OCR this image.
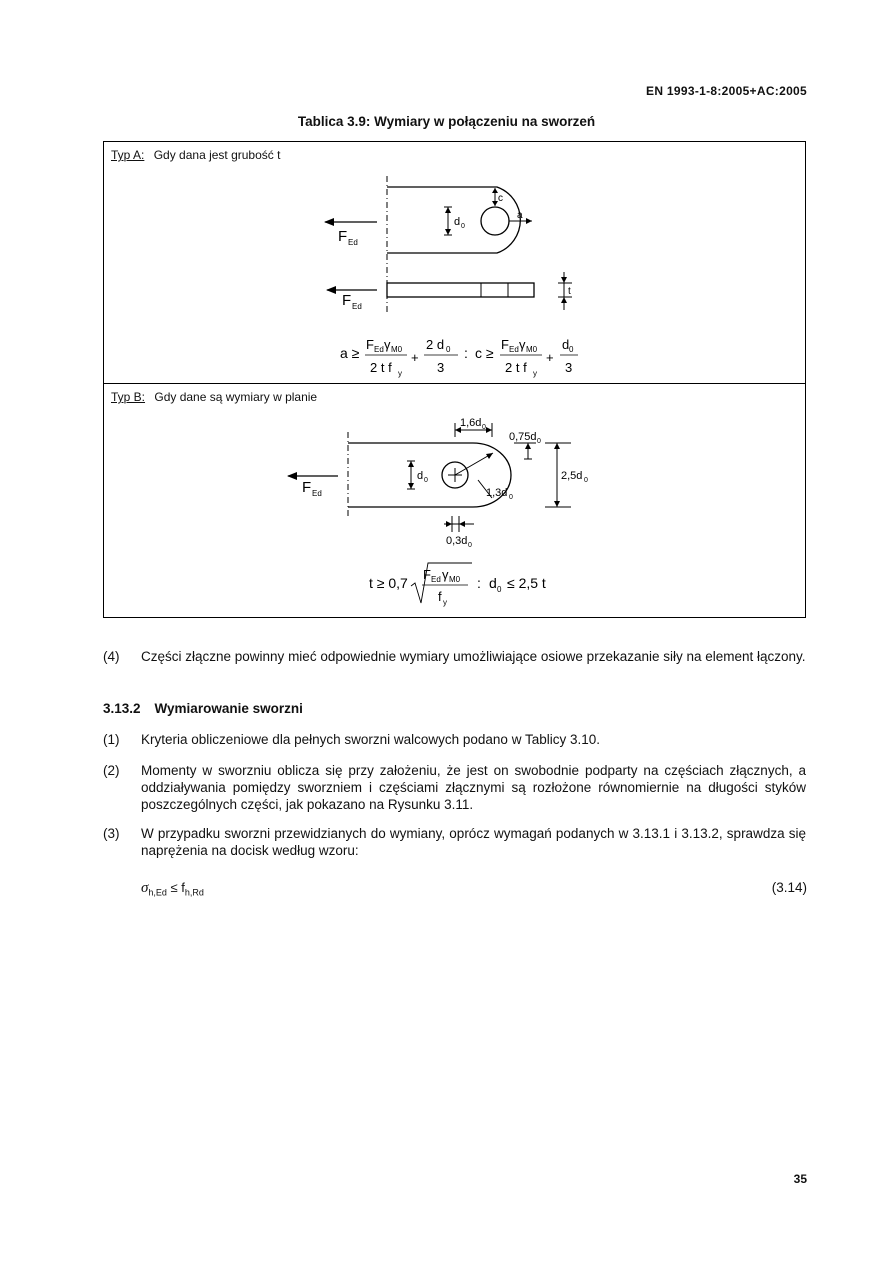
EN 1993-1-8:2005+AC:2005
Tablica 3.9: Wymiary w połączeniu na sworzeń
Typ A: Gdy dana jest grubość t
d 0
c
a
F Ed
t
F Ed
a ≥
F Ed γ M0
2 t f y
+
2 d 0
3
: c ≥
F Ed γ M0
2 t f y
+
d 0
3
1,3d 0
d 0
1,6d 0
0,75d 0
2,5d 0
0,3d 0
F Ed
t ≥ 0,7
F Ed γ M0
f y
: d 0 ≤ 2,5 t
Typ B: Gdy dane są wymiary w planie
(4) Części złączne powinny mieć odpowiednie wymiary umożliwiające osiowe przekazanie siły na element łączony.
3.13.2 Wymiarowanie sworzni
(1) Kryteria obliczeniowe dla pełnych sworzni walcowych podano w Tablicy 3.10.
(2) Momenty w sworzniu oblicza się przy założeniu, że jest on swobodnie podparty na częściach złącznych, a oddziaływania pomiędzy sworzniem i częściami złącznymi są rozłożone równomiernie na długości styków poszczególnych części, jak pokazano na Rysunku 3.11.
(3) W przypadku sworzni przewidzianych do wymiany, oprócz wymagań podanych w 3.13.1 i 3.13.2, sprawdza się naprężenia na docisk według wzoru:
$\sigma_{h,Ed} \le f_{h,Rd}$	(3.14)
35
